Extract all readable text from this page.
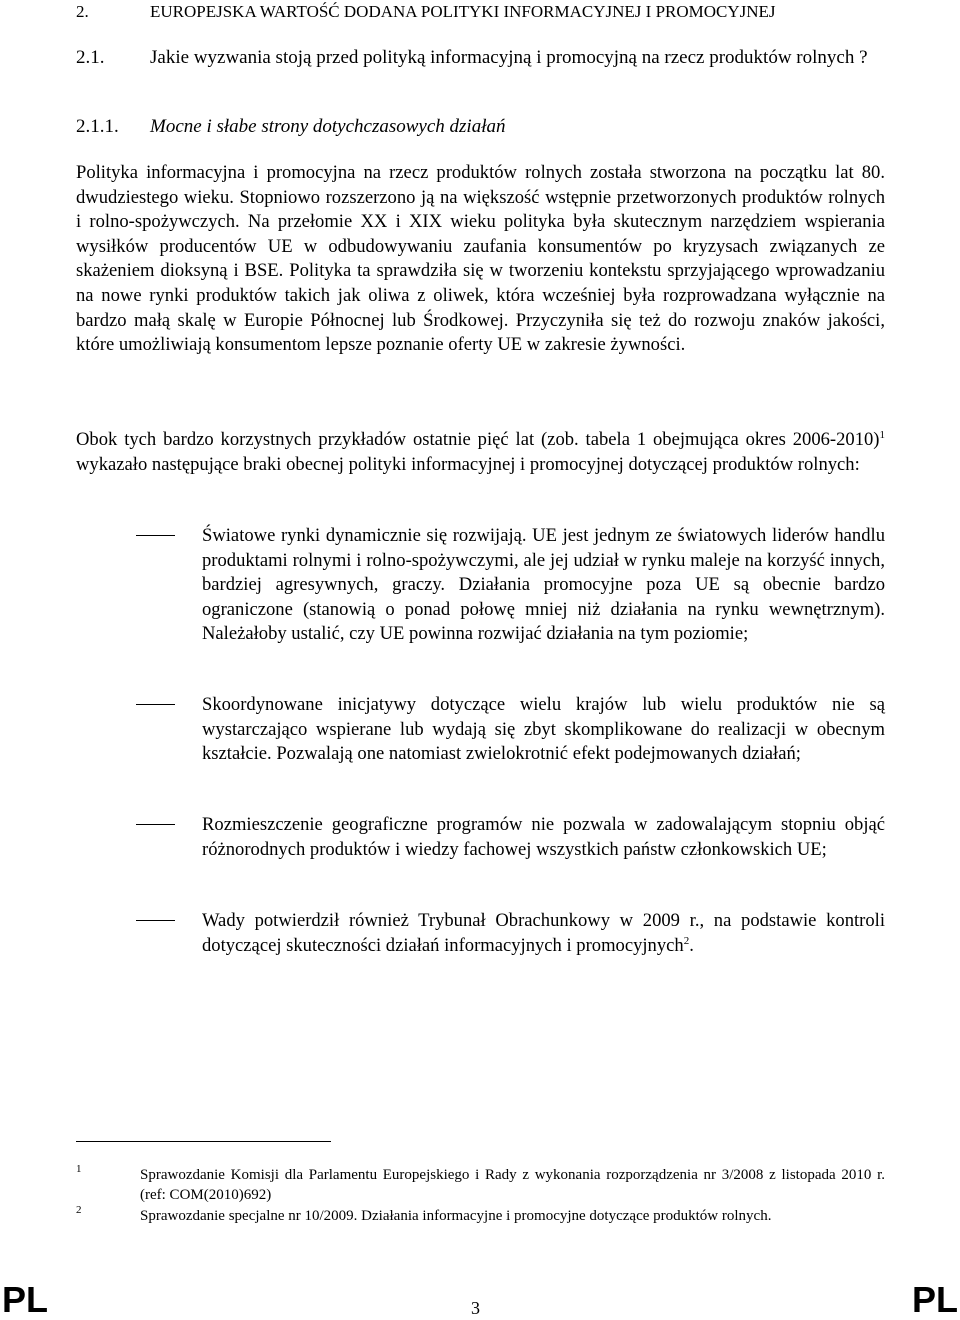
2.	EUROPEJSKA WARTOŚĆ DODANA POLITYKI INFORMACYJNEJ I PROMOCYJNEJ
2.1. Jakie wyzwania stoją przed polityką informacyjną i promocyjną na rzecz produktów rolnych ?
2.1.1. Mocne i słabe strony dotychczasowych działań
Polityka informacyjna i promocyjna na rzecz produktów rolnych została stworzona na początku lat 80. dwudziestego wieku. Stopniowo rozszerzono ją na większość wstępnie przetworzonych produktów rolnych i rolno-spożywczych. Na przełomie XX i XIX wieku polityka była skutecznym narzędziem wspierania wysiłków producentów UE w odbudowywaniu zaufania konsumentów po kryzysach związanych ze skażeniem dioksyną i BSE. Polityka ta sprawdziła się w tworzeniu kontekstu sprzyjającego wprowadzaniu na nowe rynki produktów takich jak oliwa z oliwek, która wcześniej była rozprowadzana wyłącznie na bardzo małą skalę w Europie Północnej lub Środkowej. Przyczyniła się też do rozwoju znaków jakości, które umożliwiają konsumentom lepsze poznanie oferty UE w zakresie żywności.
Obok tych bardzo korzystnych przykładów ostatnie pięć lat (zob. tabela 1 obejmująca okres 2006-2010)$^1$ wykazało następujące braki obecnej polityki informacyjnej i promocyjnej dotyczącej produktów rolnych:
Światowe rynki dynamicznie się rozwijają. UE jest jednym ze światowych liderów handlu produktami rolnymi i rolno-spożywczymi, ale jej udział w rynku maleje na korzyść innych, bardziej agresywnych, graczy. Działania promocyjne poza UE są obecnie bardzo ograniczone (stanowią o ponad połowę mniej niż działania na rynku wewnętrznym). Należałoby ustalić, czy UE powinna rozwijać działania na tym poziomie;
Skoordynowane inicjatywy dotyczące wielu krajów lub wielu produktów nie są wystarczająco wspierane lub wydają się zbyt skomplikowane do realizacji w obecnym kształcie. Pozwalają one natomiast zwielokrotnić efekt podejmowanych działań;
Rozmieszczenie geograficzne programów nie pozwala w zadowalającym stopniu objąć różnorodnych produktów i wiedzy fachowej wszystkich państw członkowskich UE;
Wady potwierdził również Trybunał Obrachunkowy w 2009 r., na podstawie kontroli dotyczącej skuteczności działań informacyjnych i promocyjnych$^2$.
1	Sprawozdanie Komisji dla Parlamentu Europejskiego i Rady z wykonania rozporządzenia nr 3/2008 z listopada 2010 r. (ref: COM(2010)692)
2	Sprawozdanie specjalne nr 10/2009. Działania informacyjne i promocyjne dotyczące produktów rolnych.
PL	3	PL
